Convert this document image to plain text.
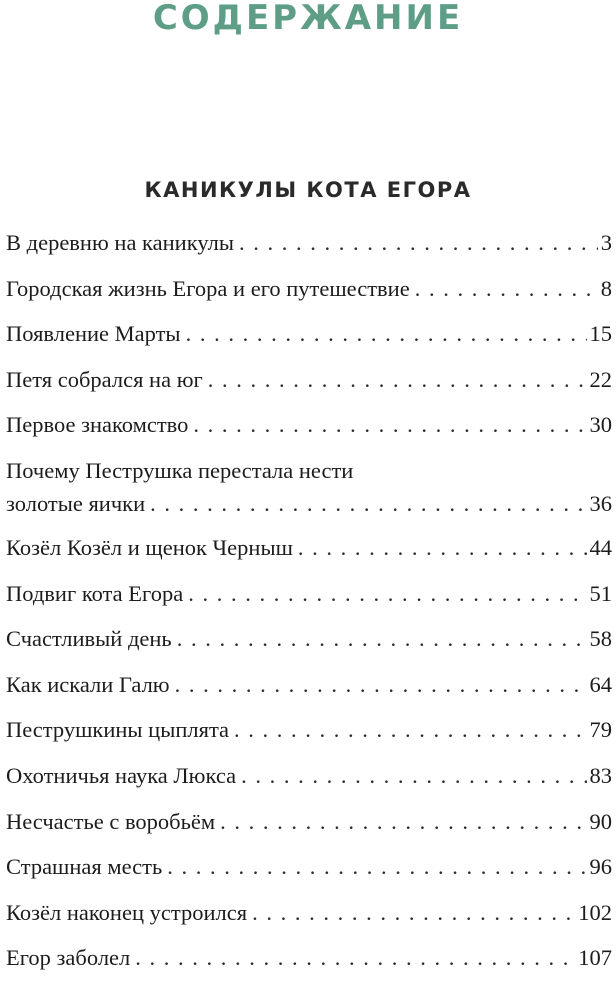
СОДЕРЖАНИЕ
КАНИКУЛЫ КОТА ЕГОРА
В деревню на каникулы . . .	3
Городская жизнь Егора и его путешествие . . .	8
Появление Марты . . .	15
Петя собрался на юг . . .	22
Первое знакомство . . .	30
Почему Пеструшка перестала нести
золотые яички . . .	36
Козёл Козёл и щенок Черныш . . .	44
Подвиг кота Егора . . .	51
Счастливый день . . .	58
Как искали Галю . . .	64
Пеструшкины цыплята . . .	79
Охотничья наука Люкса . . .	83
Несчастье с воробьём . . .	90
Страшная месть . . .	96
Козёл наконец устроился . . .	102
Егор заболел . . .	107
